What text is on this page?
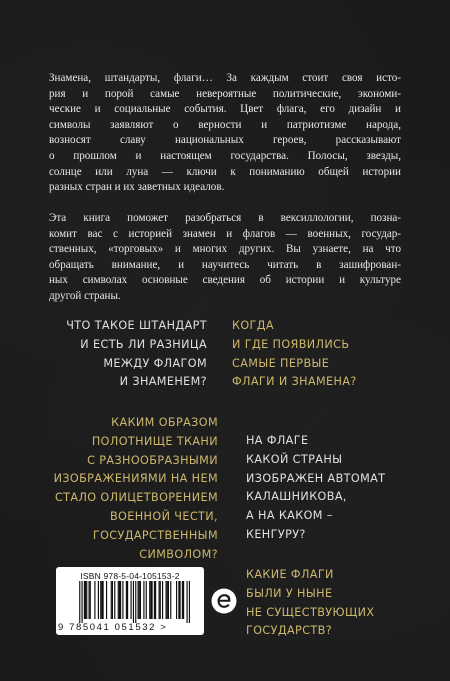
Знамена, штандарты, флаги… За каждым стоит своя исто-
рия и порой самые невероятные политические, экономи-
ческие и социальные события. Цвет флага, его дизайн и
символы заявляют о верности и патриотизме народа,
возносят славу национальных героев, рассказывают
о прошлом и настоящем государства. Полосы, звезды,
солнце или луна — ключи к пониманию общей истории
разных стран и их заветных идеалов.
Эта книга поможет разобраться в вексиллологии, позна-
комит вас с историей знамен и флагов — военных, государ-
ственных, «торговых» и многих других. Вы узнаете, на что
обращать внимание, и научитесь читать в зашифрован-
ных символах основные сведения об истории и культуре
другой страны.
ЧТО ТАКОЕ ШТАНДАРТ
И ЕСТЬ ЛИ РАЗНИЦА
МЕЖДУ ФЛАГОМ
И ЗНАМЕНЕМ?
КОГДА
И ГДЕ ПОЯВИЛИСЬ
САМЫЕ ПЕРВЫЕ
ФЛАГИ И ЗНАМЕНА?
КАКИМ ОБРАЗОМ
ПОЛОТНИЩЕ ТКАНИ
С РАЗНООБРАЗНЫМИ
ИЗОБРАЖЕНИЯМИ НА НЕМ
СТАЛО ОЛИЦЕТВОРЕНИЕМ
ВОЕННОЙ ЧЕСТИ,
ГОСУДАРСТВЕННЫМ
СИМВОЛОМ?
НА ФЛАГЕ
КАКОЙ СТРАНЫ
ИЗОБРАЖЕН АВТОМАТ
КАЛАШНИКОВА,
А НА КАКОМ –
КЕНГУРУ?
КАКИЕ ФЛАГИ
БЫЛИ У НЫНЕ
НЕ СУЩЕСТВУЮЩИХ
ГОСУДАРСТВ?
ISBN 978-5-04-105153-2
9 785041 051532 >
